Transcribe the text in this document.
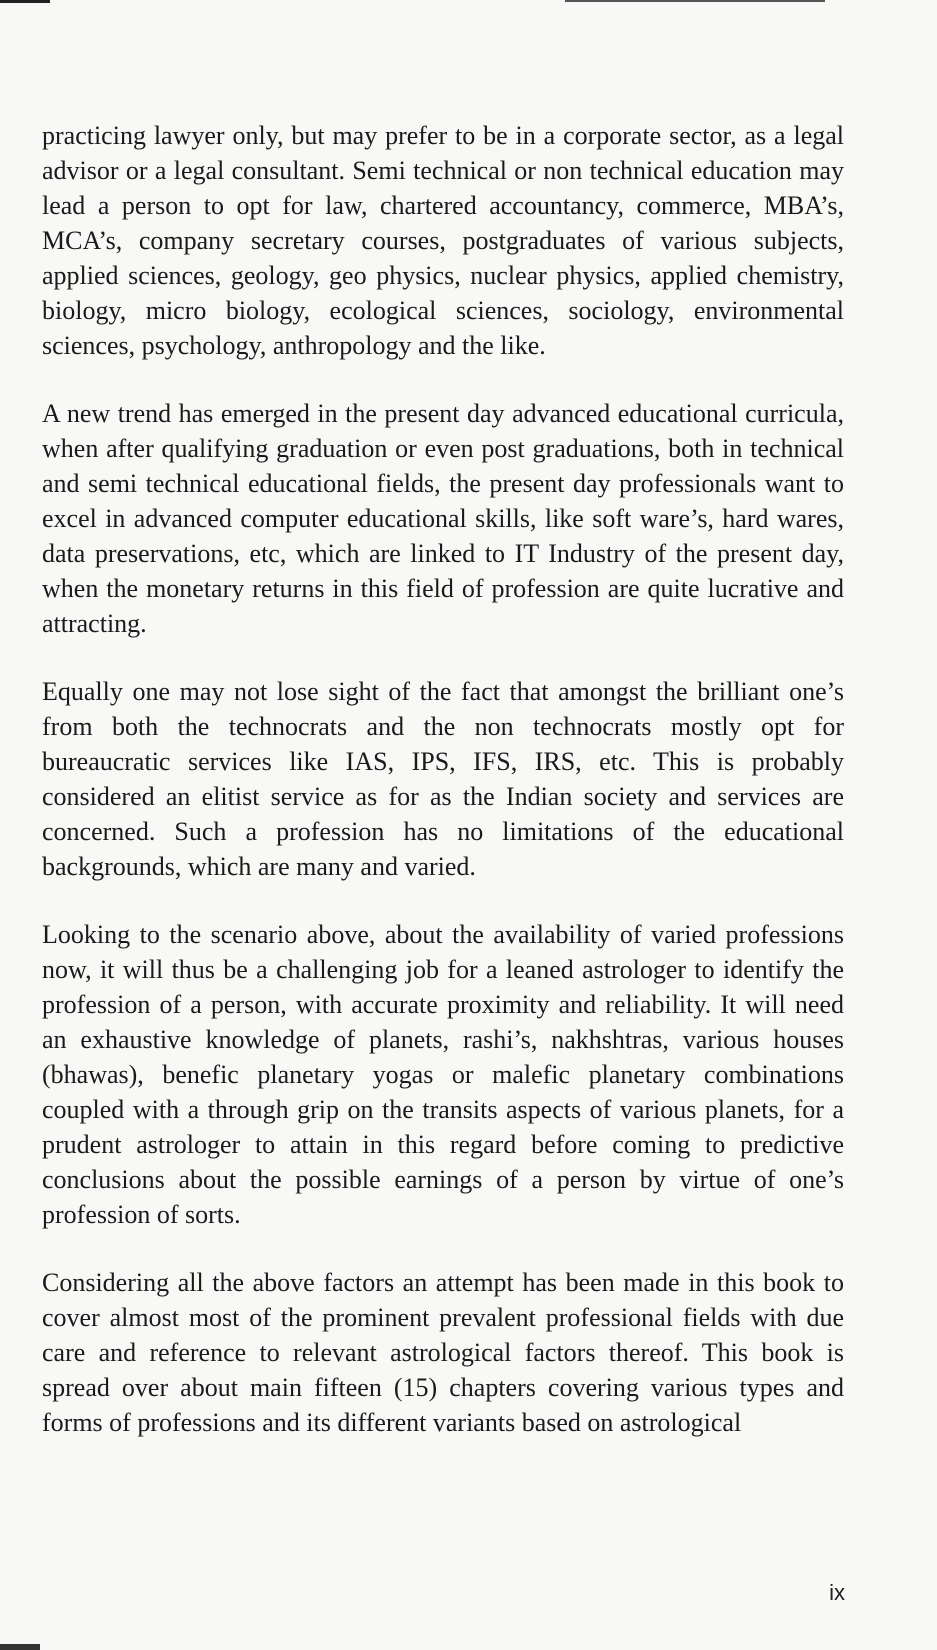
practicing lawyer only, but may prefer to be in a corporate sector, as a legal advisor or a legal consultant. Semi technical or non technical education may lead a person to opt for law, chartered accountancy, commerce, MBA’s, MCA’s, company secretary courses, postgraduates of various subjects, applied sciences, geology, geo physics, nuclear physics, applied chemistry, biology, micro biology, ecological sciences, sociology, environmental sciences, psychology, anthropology and the like.

A new trend has emerged in the present day advanced educational curricula, when after qualifying graduation or even post graduations, both in technical and semi technical educational fields, the present day professionals want to excel in advanced computer educational skills, like soft ware’s, hard wares, data preservations, etc, which are linked to IT Industry of the present day, when the monetary returns in this field of profession are quite lucrative and attracting.

Equally one may not lose sight of the fact that amongst the brilliant one’s from both the technocrats and the non technocrats mostly opt for bureaucratic services like IAS, IPS, IFS, IRS, etc. This is probably considered an elitist service as for as the Indian society and services are concerned. Such a profession has no limitations of the educational backgrounds, which are many and varied.

Looking to the scenario above, about the availability of varied professions now, it will thus be a challenging job for a leaned astrologer to identify the profession of a person, with accurate proximity and reliability. It will need an exhaustive knowledge of planets, rashi’s, nakhshtras, various houses (bhawas), benefic planetary yogas or malefic planetary combinations coupled with a through grip on the transits aspects of various planets, for a prudent astrologer to attain in this regard before coming to predictive conclusions about the possible earnings of a person by virtue of one’s profession of sorts.

Considering all the above factors an attempt has been made in this book to cover almost most of the prominent prevalent professional fields with due care and reference to relevant astrological factors thereof. This book is spread over about main fifteen (15) chapters covering various types and forms of professions and its different variants based on astrological

ix
